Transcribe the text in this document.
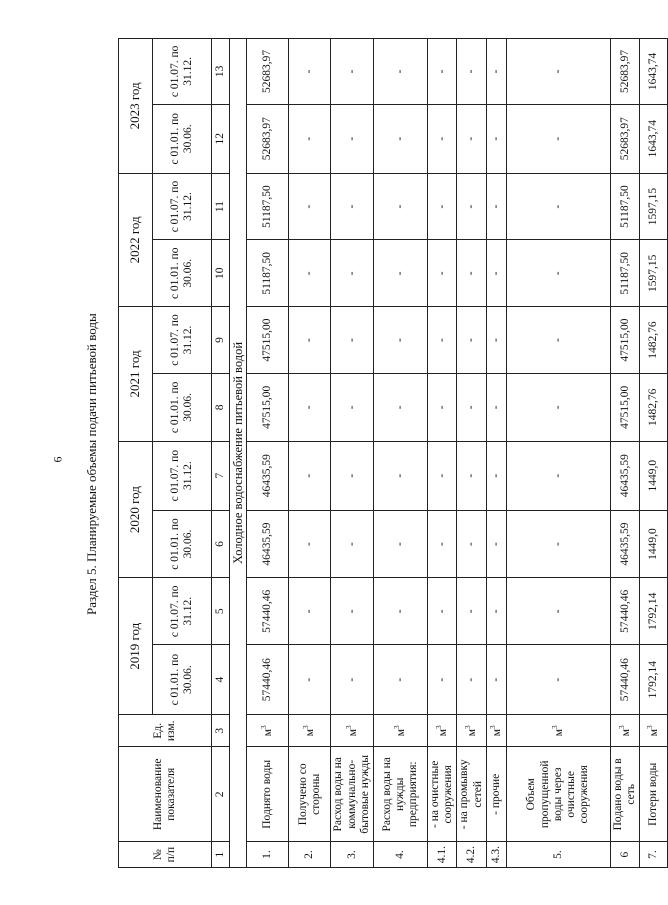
6 Раздел 5. Планируемые объемы подачи питьевой воды
№ п/п	Наименование показателя	Ед. изм.	2019 год		2020 год		2021 год		2022 год		2023 год	
			с 01.01. по 30.06.	с 01.07. по 31.12.	с 01.01. по 30.06.	с 01.07. по 31.12.	с 01.01. по 30.06.	с 01.07. по 31.12.	с 01.01. по 30.06.	с 01.07. по 31.12.	с 01.01. по 30.06.	с 01.07. по 31.12.
1	2	3	4	5	6	7	8	9	10	11	12	13
Холодное водоснабжение питьевой водой												
1.	Поднято воды	$м^3$	57440,46	57440,46	46435,59	46435,59	47515,00	47515,00	51187,50	51187,50	52683,97	52683,97
2.	Получено со стороны	$м^3$	-	-	-	-	-	-	-	-	-	-
3.	Расход воды на коммунально-бытовые нужды	$м^3$	-	-	-	-	-	-	-	-	-	-
4.	Расход воды на нужды предприятия:	$м^3$	-	-	-	-	-	-	-	-	-	-
4.1.	- на очистные сооружения	$м^3$	-	-	-	-	-	-	-	-	-	-
4.2.	- на промывку сетей	$м^3$	-	-	-	-	-	-	-	-	-	-
4.3.	- прочие	$м^3$	-	-	-	-	-	-	-	-	-	-
5.	Объем пропущенной воды через очистные сооружения	$м^3$	-	-	-	-	-	-	-	-	-	-
6	Подано воды в сеть	$м^3$	57440,46	57440,46	46435,59	46435,59	47515,00	47515,00	51187,50	51187,50	52683,97	52683,97
7.	Потери воды	$м^3$	1792,14	1792,14	1449,0	1449,0	1482,76	1482,76	1597,15	1597,15	1643,74	1643,74
